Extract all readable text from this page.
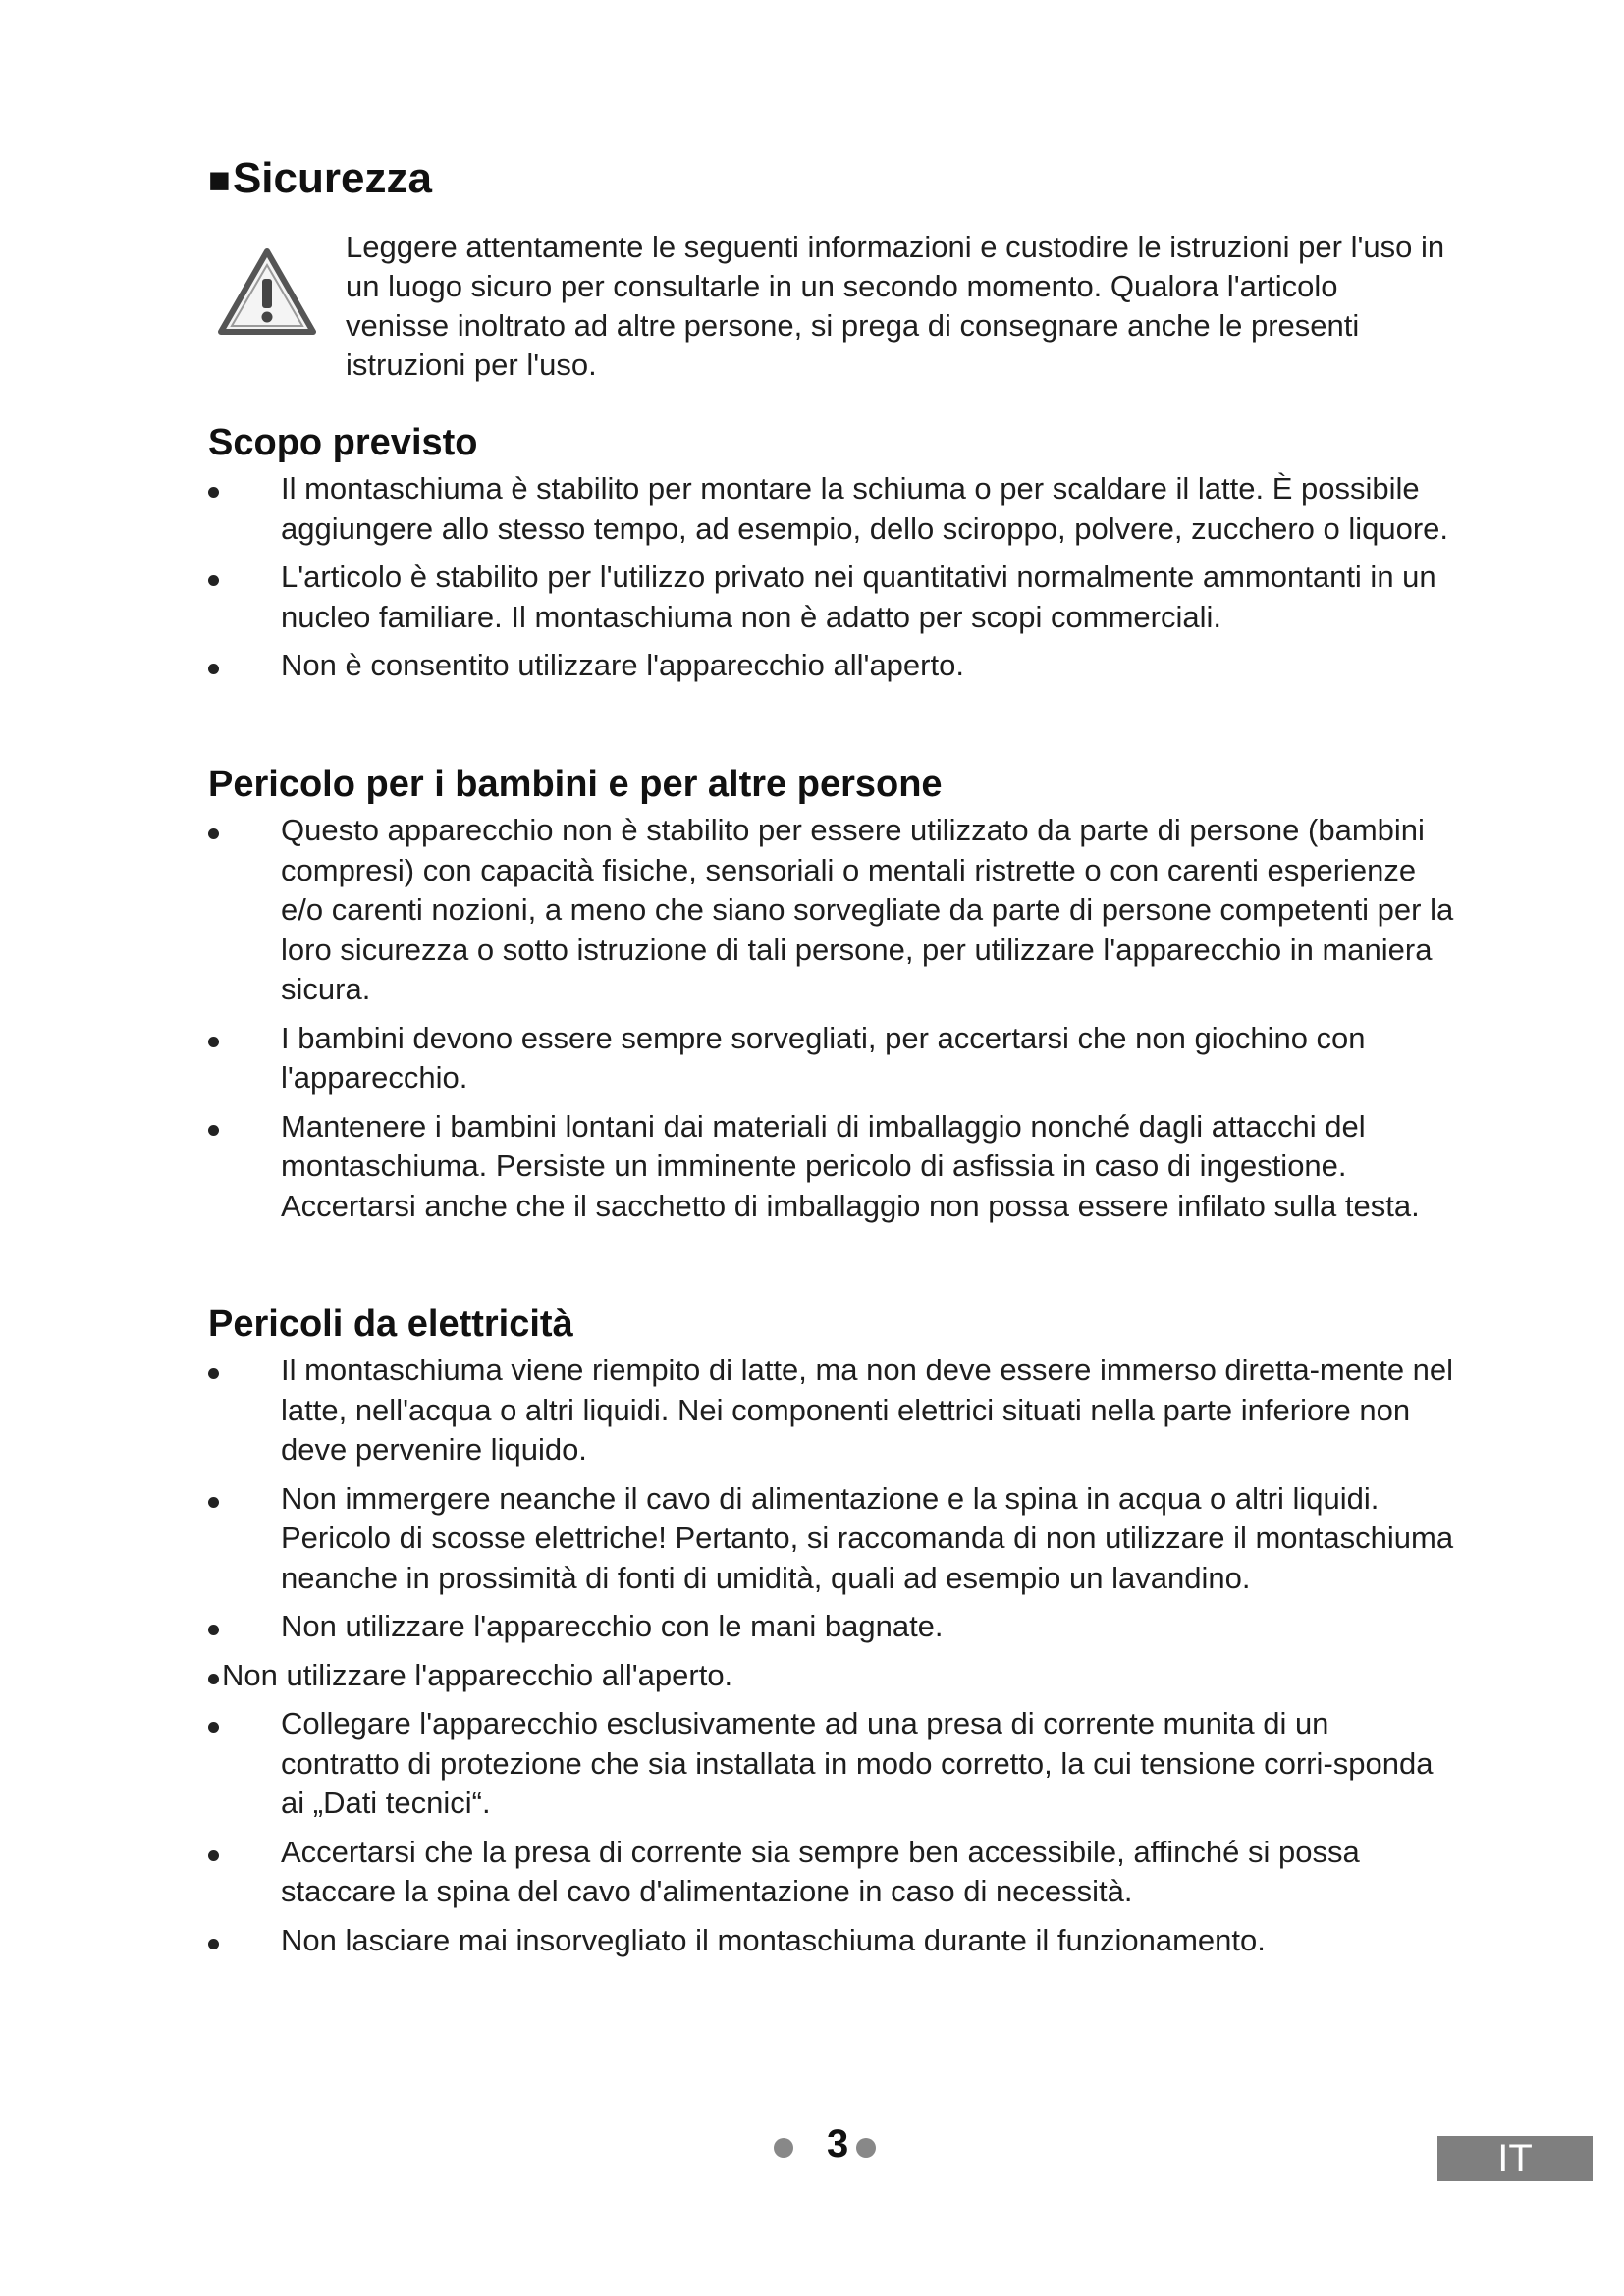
■Sicurezza
Leggere attentamente le seguenti informazioni e custodire le istruzioni per l'uso in un luogo sicuro per consultarle in un secondo momento. Qualora l'articolo venisse inoltrato ad altre persone, si prega di consegnare anche le presenti istruzioni per l'uso.
Scopo previsto
Il montaschiuma è stabilito per montare la schiuma o per scaldare il latte. È possibile aggiungere allo stesso tempo, ad esempio, dello sciroppo, polvere, zucchero o liquore.
L'articolo è stabilito per l'utilizzo privato nei quantitativi normalmente ammontanti in un nucleo familiare. Il montaschiuma non è adatto per scopi commerciali.
Non è consentito utilizzare l'apparecchio all'aperto.
Pericolo per i bambini e per altre persone
Questo apparecchio non è stabilito per essere utilizzato da parte di persone (bambini compresi) con capacità fisiche, sensoriali o mentali ristrette o con carenti esperienze e/o carenti nozioni, a meno che siano sorvegliate da parte di persone competenti per la loro sicurezza o sotto istruzione di tali persone, per utilizzare l'apparecchio in maniera sicura.
I bambini devono essere sempre sorvegliati, per accertarsi che non giochino con l'apparecchio.
Mantenere i bambini lontani dai materiali di imballaggio nonché dagli attacchi del montaschiuma. Persiste un imminente pericolo di asfissia in caso di ingestione. Accertarsi anche che il sacchetto di imballaggio non possa essere infilato sulla testa.
Pericoli da elettricità
Il montaschiuma viene riempito di latte, ma non deve essere immerso diretta-mente nel latte, nell'acqua o altri liquidi. Nei componenti elettrici situati nella parte inferiore non deve pervenire liquido.
Non immergere neanche il cavo di alimentazione e la spina in acqua o altri liquidi. Pericolo di scosse elettriche! Pertanto, si raccomanda di non utilizzare il montaschiuma neanche in prossimità di fonti di umidità, quali ad esempio un lavandino.
Non utilizzare l'apparecchio con le mani bagnate.
Non utilizzare l'apparecchio all'aperto.
Collegare l'apparecchio esclusivamente ad una presa di corrente munita di un contratto di protezione che sia installata in modo corretto, la cui tensione corri-sponda ai „Dati tecnici“.
Accertarsi che la presa di corrente sia sempre ben accessibile, affinché si possa staccare la spina del cavo d'alimentazione in caso di necessità.
Non lasciare mai insorvegliato il montaschiuma durante il funzionamento.
3	IT
